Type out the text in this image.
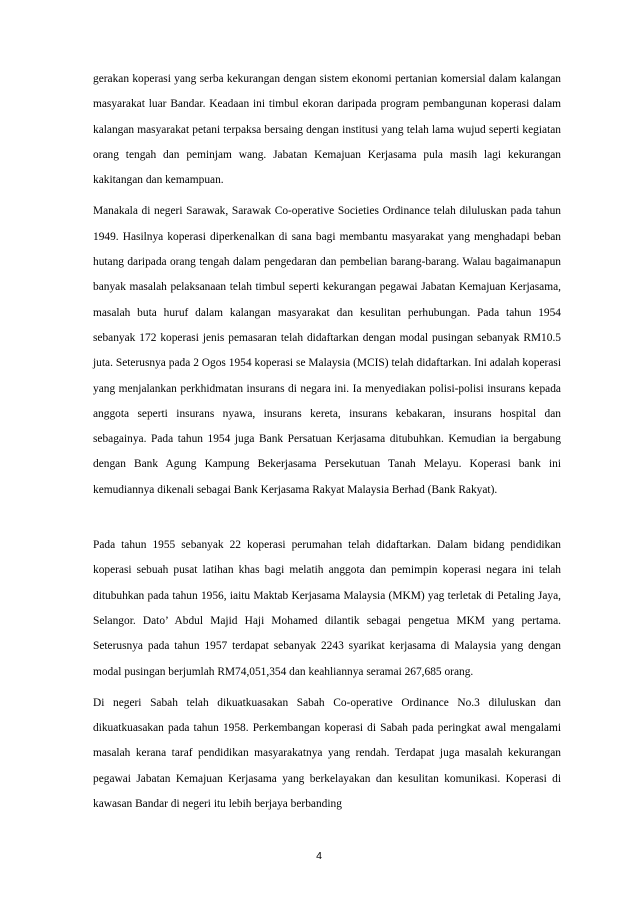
gerakan koperasi yang serba kekurangan dengan sistem ekonomi pertanian komersial dalam kalangan masyarakat luar Bandar. Keadaan ini timbul ekoran daripada program pembangunan koperasi dalam kalangan masyarakat petani terpaksa bersaing dengan institusi yang telah lama wujud seperti kegiatan orang tengah dan peminjam wang. Jabatan Kemajuan Kerjasama pula masih lagi kekurangan kakitangan dan kemampuan.

Manakala di negeri Sarawak, Sarawak Co-operative Societies Ordinance telah diluluskan pada tahun 1949. Hasilnya koperasi diperkenalkan di sana bagi membantu masyarakat yang menghadapi beban hutang daripada orang tengah dalam pengedaran dan pembelian barang-barang. Walau bagaimanapun banyak masalah pelaksanaan telah timbul seperti kekurangan pegawai Jabatan Kemajuan Kerjasama, masalah buta huruf dalam kalangan masyarakat dan kesulitan perhubungan. Pada tahun 1954 sebanyak 172 koperasi jenis pemasaran telah didaftarkan dengan modal pusingan sebanyak RM10.5 juta. Seterusnya pada 2 Ogos 1954 koperasi se Malaysia (MCIS) telah didaftarkan. Ini adalah koperasi yang menjalankan perkhidmatan insurans di negara ini. Ia menyediakan polisi-polisi insurans kepada anggota seperti insurans nyawa, insurans kereta, insurans kebakaran, insurans hospital dan sebagainya. Pada tahun 1954 juga Bank Persatuan Kerjasama ditubuhkan. Kemudian ia bergabung dengan Bank Agung Kampung Bekerjasama Persekutuan Tanah Melayu. Koperasi bank ini kemudiannya dikenali sebagai Bank Kerjasama Rakyat Malaysia Berhad (Bank Rakyat).

Pada tahun 1955 sebanyak 22 koperasi perumahan telah didaftarkan. Dalam bidang pendidikan koperasi sebuah pusat latihan khas bagi melatih anggota dan pemimpin koperasi negara ini telah ditubuhkan pada tahun 1956, iaitu Maktab Kerjasama Malaysia (MKM) yag terletak di Petaling Jaya, Selangor. Dato’ Abdul Majid Haji Mohamed dilantik sebagai pengetua MKM yang pertama. Seterusnya pada tahun 1957 terdapat sebanyak 2243 syarikat kerjasama di Malaysia yang dengan modal pusingan berjumlah RM74,051,354 dan keahliannya seramai 267,685 orang.

Di negeri Sabah telah dikuatkuasakan Sabah Co-operative Ordinance No.3 diluluskan dan dikuatkuasakan pada tahun 1958. Perkembangan koperasi di Sabah pada peringkat awal mengalami masalah kerana taraf pendidikan masyarakatnya yang rendah. Terdapat juga masalah kekurangan pegawai Jabatan Kemajuan Kerjasama yang berkelayakan dan kesulitan komunikasi. Koperasi di kawasan Bandar di negeri itu lebih berjaya berbanding

4
